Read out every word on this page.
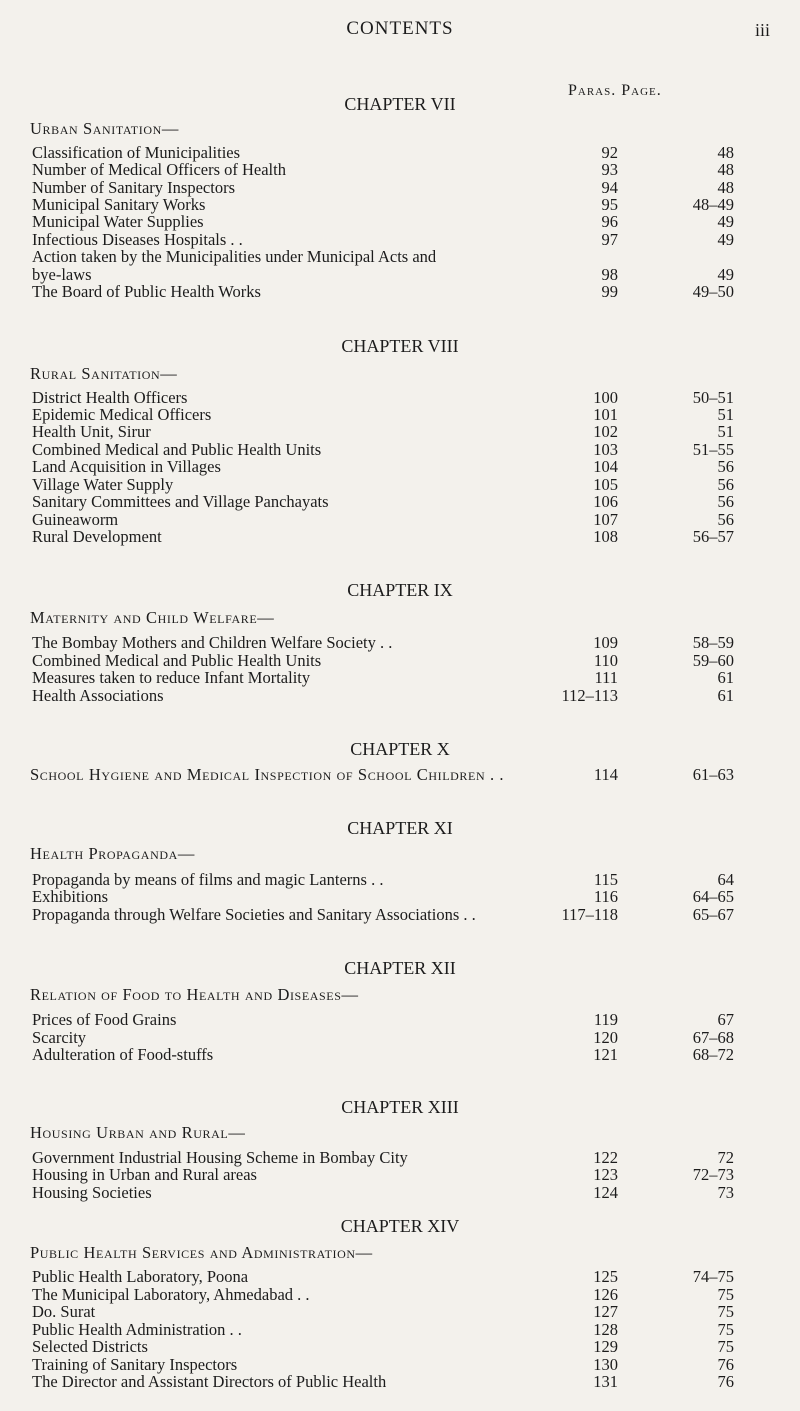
CONTENTS	iii
Paras. Page.
CHAPTER VII
Urban Sanitation—
Classification of Municipalities	92	48
Number of Medical Officers of Health	93	48
Number of Sanitary Inspectors	94	48
Municipal Sanitary Works	95	48–49
Municipal Water Supplies	96	49
Infectious Diseases Hospitals . .	97	49
Action taken by the Municipalities under Municipal Acts and
bye-laws	98	49
The Board of Public Health Works	99	49–50
CHAPTER VIII
Rural Sanitation—
District Health Officers	100	50–51
Epidemic Medical Officers	101	51
Health Unit, Sirur	102	51
Combined Medical and Public Health Units	103	51–55
Land Acquisition in Villages	104	56
Village Water Supply	105	56
Sanitary Committees and Village Panchayats	106	56
Guineaworm	107	56
Rural Development	108	56–57
CHAPTER IX
Maternity and Child Welfare—
The Bombay Mothers and Children Welfare Society . .	109	58–59
Combined Medical and Public Health Units	110	59–60
Measures taken to reduce Infant Mortality	111	61
Health Associations	112–113	61
CHAPTER X
School Hygiene and Medical Inspection of School Children . .	114	61–63
CHAPTER XI
Health Propaganda—
Propaganda by means of films and magic Lanterns . .	115	64
Exhibitions	116	64–65
Propaganda through Welfare Societies and Sanitary Associations . .	117–118	65–67
CHAPTER XII
Relation of Food to Health and Diseases—
Prices of Food Grains	119	67
Scarcity	120	67–68
Adulteration of Food-stuffs	121	68–72
CHAPTER XIII
Housing Urban and Rural—
Government Industrial Housing Scheme in Bombay City	122	72
Housing in Urban and Rural areas	123	72–73
Housing Societies	124	73
CHAPTER XIV
Public Health Services and Administration—
Public Health Laboratory, Poona	125	74–75
The Municipal Laboratory, Ahmedabad . .	126	75
Do. Surat	127	75
Public Health Administration . .	128	75
Selected Districts	129	75
Training of Sanitary Inspectors	130	76
The Director and Assistant Directors of Public Health	131	76
